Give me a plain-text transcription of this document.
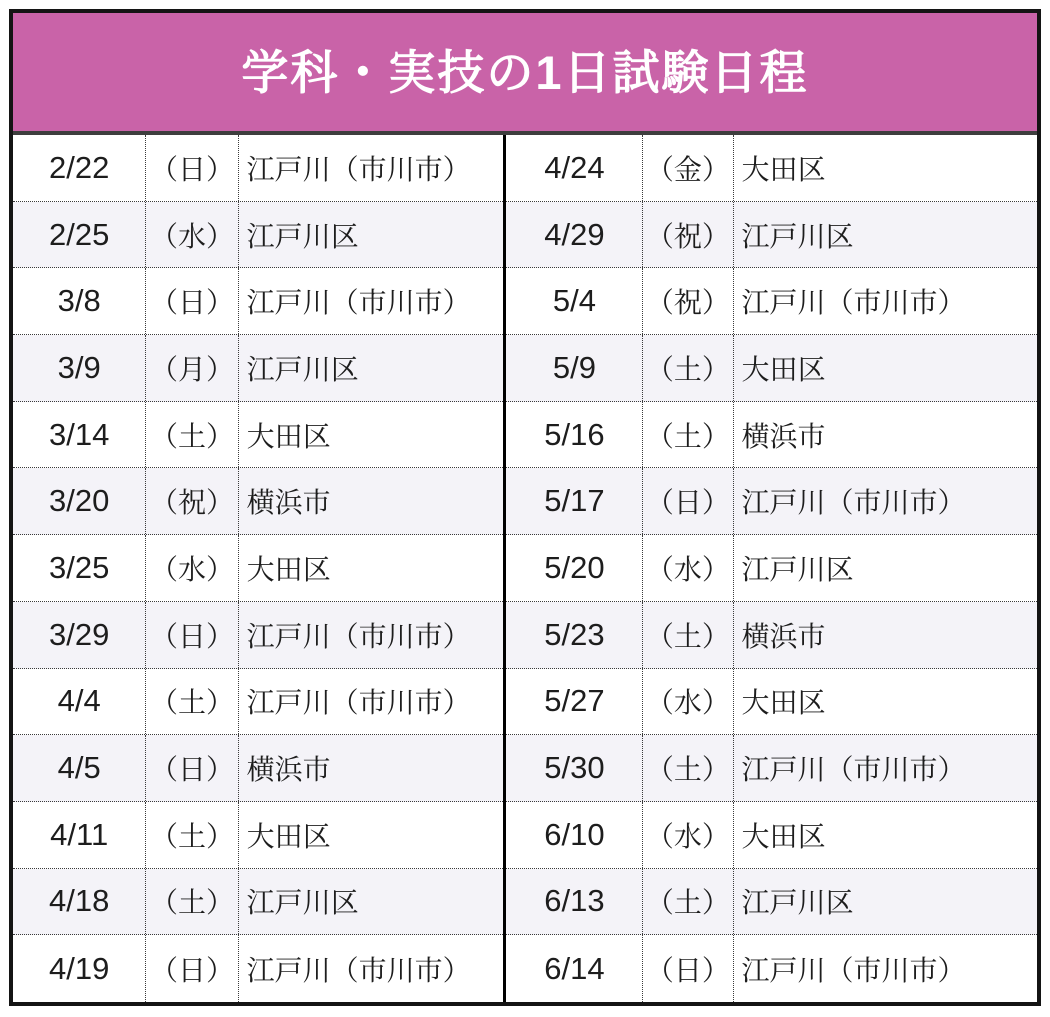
学科・実技の1日試験日程
2/22	（日） 江戸川（市川市）
2/25	（水） 江戸川区
3/8	（日） 江戸川（市川市）
3/9	（月） 江戸川区
3/14	（土） 大田区
3/20	（祝） 横浜市
3/25	（水） 大田区
3/29	（日） 江戸川（市川市）
4/4	（土） 江戸川（市川市）
4/5	（日） 横浜市
4/11	（土） 大田区
4/18	（土） 江戸川区
4/19	（日） 江戸川（市川市）
4/24	（金） 大田区
4/29	（祝） 江戸川区
5/4	（祝） 江戸川（市川市）
5/9	（土） 大田区
5/16	（土） 横浜市
5/17	（日） 江戸川（市川市）
5/20	（水） 江戸川区
5/23	（土） 横浜市
5/27	（水） 大田区
5/30	（土） 江戸川（市川市）
6/10	（水） 大田区
6/13	（土） 江戸川区
6/14	（日） 江戸川（市川市）
